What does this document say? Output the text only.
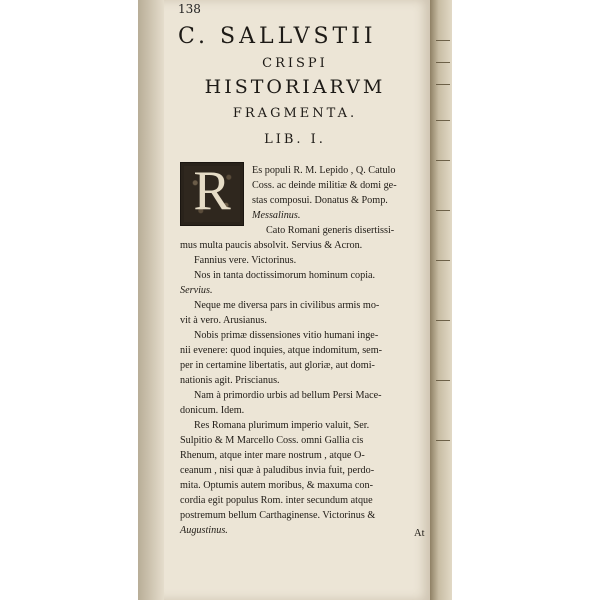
138
C. SALLVSTII
CRISPI
HISTORIARVM
FRAGMENTA.
LIB. I.
R	Es populi R. M. Lepido , Q. Catulo
Coss. ac deinde militiæ & domi ge-
stas composui. Donatus & Pomp.
Messalinus.
Cato Romani generis disertissi-
mus multa paucis absolvit. Servius & Acron.
Fannius vere. Victorinus.
Nos in tanta doctissimorum hominum copia.
Servius.
Neque me diversa pars in civilibus armis mo-
vit à vero. Arusianus.
Nobis primæ dissensiones vitio humani inge-
nii evenere: quod inquies, atque indomitum, sem-
per in certamine libertatis, aut gloriæ, aut domi-
nationis agit. Priscianus.
Nam à primordio urbis ad bellum Persi Mace-
donicum. Idem.
Res Romana plurimum imperio valuit, Ser.
Sulpitio & M Marcello Coss. omni Gallia cis
Rhenum, atque inter mare nostrum , atque O-
ceanum , nisi quæ à paludibus invia fuit, perdo-
mita. Optumis autem moribus, & maxuma con-
cordia egit populus Rom. inter secundum atque
postremum bellum Carthaginense. Victorinus &
Augustinus.	At
